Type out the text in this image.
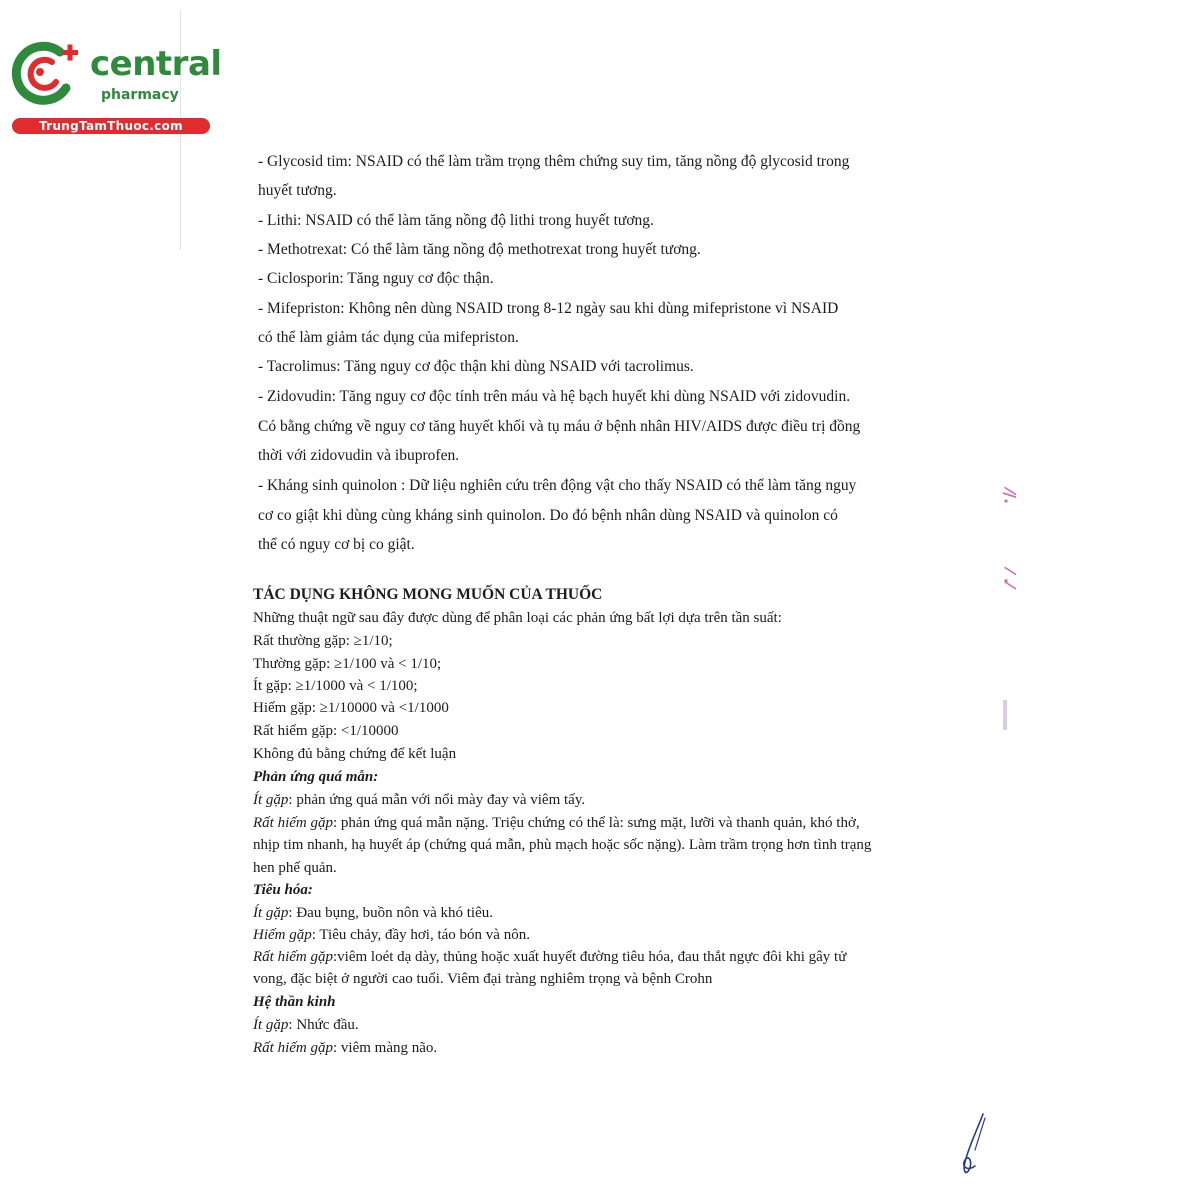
central
pharmacy
TrungTamThuoc.com
- Glycosid tim: NSAID có thể làm trầm trọng thêm chứng suy tim, tăng nồng độ glycosid trong
huyết tương.
- Lithi: NSAID có thể làm tăng nồng độ lithi trong huyết tương.
- Methotrexat: Có thể làm tăng nồng độ methotrexat trong huyết tương.
- Ciclosporin: Tăng nguy cơ độc thận.
- Mifepriston: Không nên dùng NSAID trong 8-12 ngày sau khi dùng mifepristone vì NSAID
có thể làm giảm tác dụng của mifepriston.
- Tacrolimus: Tăng nguy cơ độc thận khi dùng NSAID với tacrolimus.
- Zidovudin: Tăng nguy cơ độc tính trên máu và hệ bạch huyết khi dùng NSAID với zidovudin.
Có bằng chứng về nguy cơ tăng huyết khối và tụ máu ở bệnh nhân HIV/AIDS được điều trị đồng
thời với zidovudin và ibuprofen.
- Kháng sinh quinolon : Dữ liệu nghiên cứu trên động vật cho thấy NSAID có thể làm tăng nguy
cơ co giật khi dùng cùng kháng sinh quinolon. Do đó bệnh nhân dùng NSAID và quinolon có
thể có nguy cơ bị co giật.
TÁC DỤNG KHÔNG MONG MUỐN CỦA THUỐC
Những thuật ngữ sau đây được dùng để phân loại các phản ứng bất lợi dựa trên tần suất:
Rất thường gặp: ≥1/10;
Thường gặp: ≥1/100 và < 1/10;
Ít gặp: ≥1/1000 và < 1/100;
Hiếm gặp: ≥1/10000 và <1/1000
Rất hiếm gặp: <1/10000
Không đủ bằng chứng để kết luận
Phản ứng quá mẫn:
Ít gặp: phản ứng quá mẫn với nổi mày đay và viêm tấy.
Rất hiếm gặp: phản ứng quá mẫn nặng. Triệu chứng có thể là: sưng mặt, lưỡi và thanh quản, khó thở,
nhịp tim nhanh, hạ huyết áp (chứng quá mẫn, phù mạch hoặc sốc nặng). Làm trầm trọng hơn tình trạng
hen phế quản.
Tiêu hóa:
Ít gặp: Đau bụng, buồn nôn và khó tiêu.
Hiếm gặp: Tiêu chảy, đầy hơi, táo bón và nôn.
Rất hiếm gặp:viêm loét dạ dày, thủng hoặc xuất huyết đường tiêu hóa, đau thắt ngực đôi khi gây tử
vong, đặc biệt ở người cao tuổi. Viêm đại tràng nghiêm trọng và bệnh Crohn
Hệ thần kinh
Ít gặp: Nhức đầu.
Rất hiếm gặp: viêm màng não.
⁄/.
⁄ .⁄
